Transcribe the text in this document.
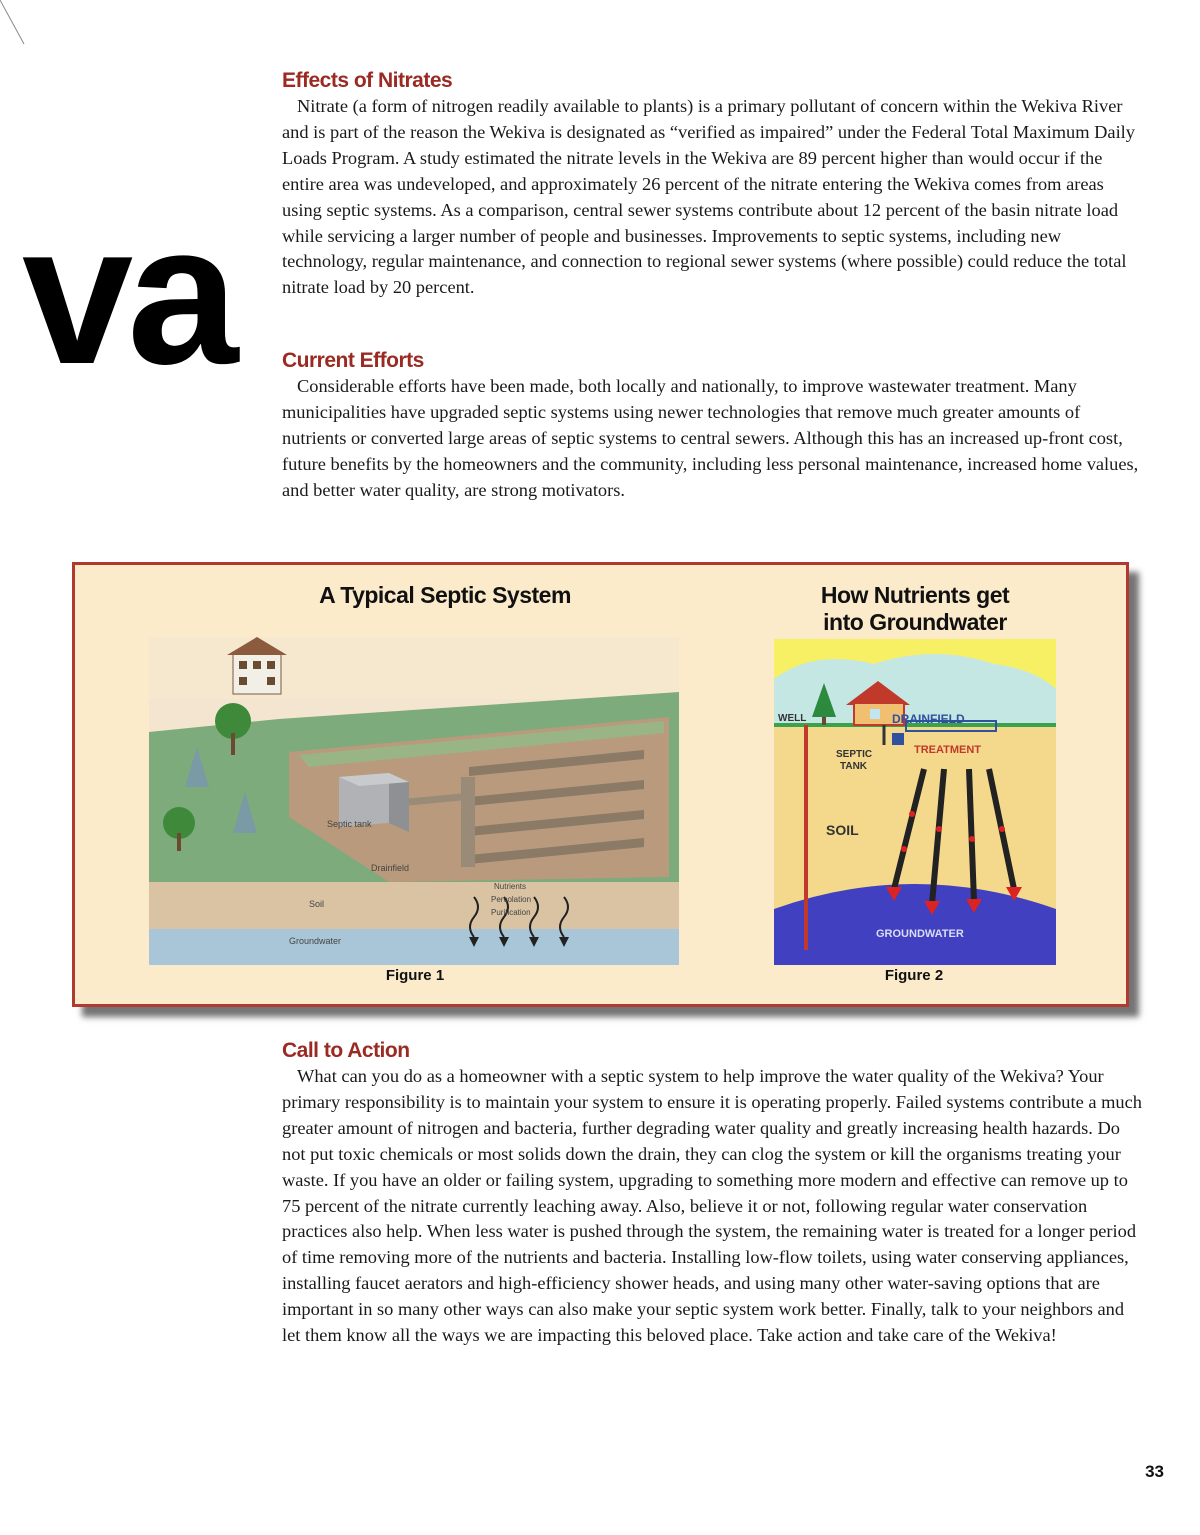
va
Effects of Nitrates

Nitrate (a form of nitrogen readily available to plants) is a primary pollutant of concern within the Wekiva River and is part of the reason the Wekiva is designated as “verified as impaired” under the Federal Total Maximum Daily Loads Program. A study estimated the nitrate levels in the Wekiva are 89 percent higher than would occur if the entire area was undeveloped, and approximately 26 percent of the nitrate entering the Wekiva comes from areas using septic systems. As a comparison, central sewer systems contribute about 12 percent of the basin nitrate load while servicing a larger number of people and businesses. Improvements to septic systems, including new technology, regular maintenance, and connection to regional sewer systems (where possible) could reduce the total nitrate load by 20 percent.

Current Efforts

Considerable efforts have been made, both locally and nationally, to improve wastewater treatment. Many municipalities have upgraded septic systems using newer technologies that remove much greater amounts of nutrients or converted large areas of septic systems to central sewers. Although this has an increased up-front cost, future benefits by the homeowners and the community, including less personal maintenance, increased home values, and better water quality, are strong motivators.

A Typical Septic System
Septic tank
Drainfield
Soil
Groundwater
Nutrients
Percolation
Purification
Figure 1
How Nutrients get
into Groundwater
WELL	DRAINFIELD
SEPTIC
TANK
TREATMENT
SOIL
GROUNDWATER
Figure 2
Call to Action

What can you do as a homeowner with a septic system to help improve the water quality of the Wekiva? Your primary responsibility is to maintain your system to ensure it is operating properly. Failed systems contribute a much greater amount of nitrogen and bacteria, further degrading water quality and greatly increasing health hazards. Do not put toxic chemicals or most solids down the drain, they can clog the system or kill the organisms treating your waste. If you have an older or failing system, upgrading to something more modern and effective can remove up to 75 percent of the nitrate currently leaching away. Also, believe it or not, following regular water conservation practices also help. When less water is pushed through the system, the remaining water is treated for a longer period of time removing more of the nutrients and bacteria. Installing low-flow toilets, using water conserving appliances, installing faucet aerators and high-efficiency shower heads, and using many other water-saving options that are important in so many other ways can also make your septic system work better. Finally, talk to your neighbors and let them know all the ways we are impacting this beloved place. Take action and take care of the Wekiva!

33
